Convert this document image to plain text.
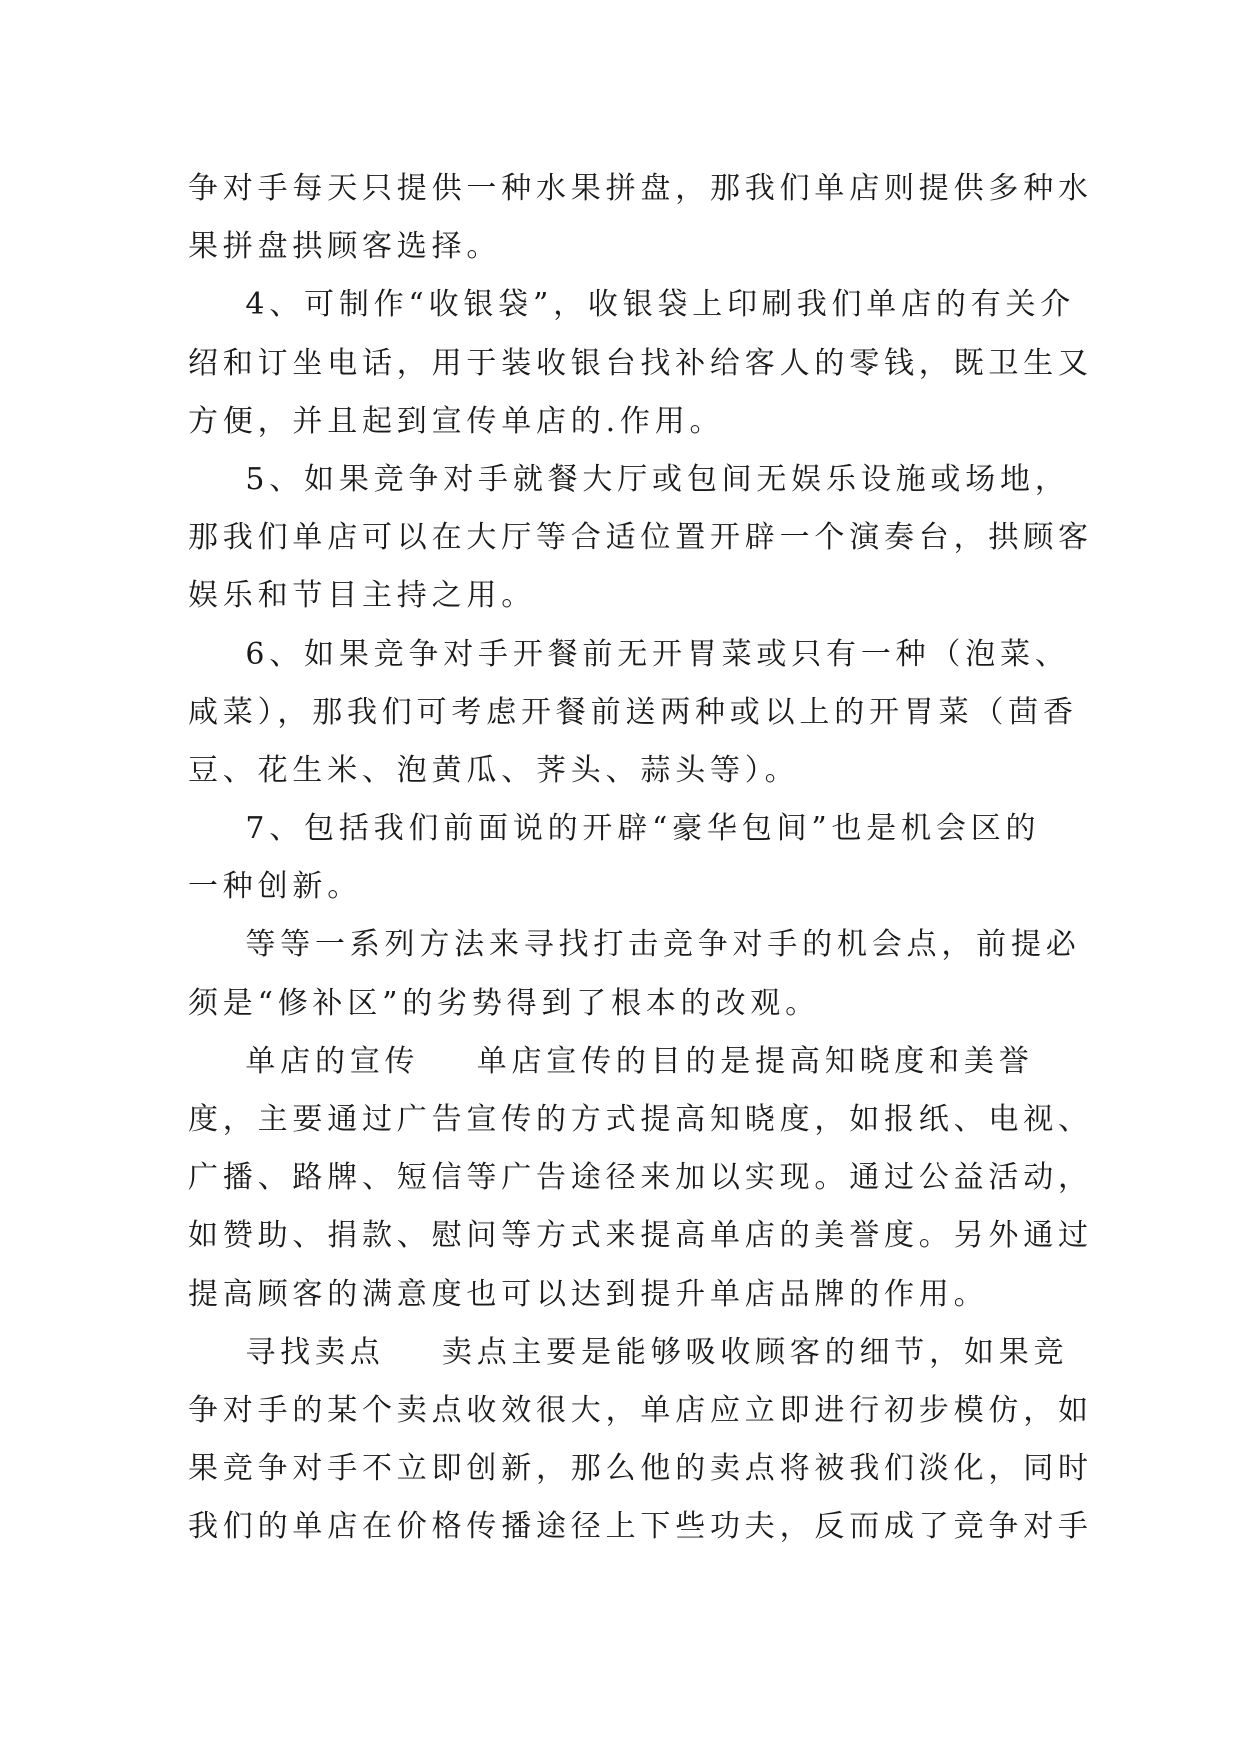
争对手每天只提供一种水果拼盘，那我们单店则提供多种水
果拼盘拱顾客选择。
4、可制作“收银袋”，收银袋上印刷我们单店的有关介
绍和订坐电话，用于装收银台找补给客人的零钱，既卫生又
方便，并且起到宣传单店的.作用。
5、如果竞争对手就餐大厅或包间无娱乐设施或场地，
那我们单店可以在大厅等合适位置开辟一个演奏台，拱顾客
娱乐和节目主持之用。
6、如果竞争对手开餐前无开胃菜或只有一种（泡菜、
咸菜），那我们可考虑开餐前送两种或以上的开胃菜（茴香
豆、花生米、泡黄瓜、荠头、蒜头等）。
7、包括我们前面说的开辟“豪华包间”也是机会区的
一种创新。
等等一系列方法来寻找打击竞争对手的机会点，前提必
须是“修补区”的劣势得到了根本的改观。
单店的宣传    单店宣传的目的是提高知晓度和美誉
度，主要通过广告宣传的方式提高知晓度，如报纸、电视、
广播、路牌、短信等广告途径来加以实现。通过公益活动，
如赞助、捐款、慰问等方式来提高单店的美誉度。另外通过
提高顾客的满意度也可以达到提升单店品牌的作用。
寻找卖点    卖点主要是能够吸收顾客的细节，如果竞
争对手的某个卖点收效很大，单店应立即进行初步模仿，如
果竞争对手不立即创新，那么他的卖点将被我们淡化，同时
我们的单店在价格传播途径上下些功夫，反而成了竞争对手
